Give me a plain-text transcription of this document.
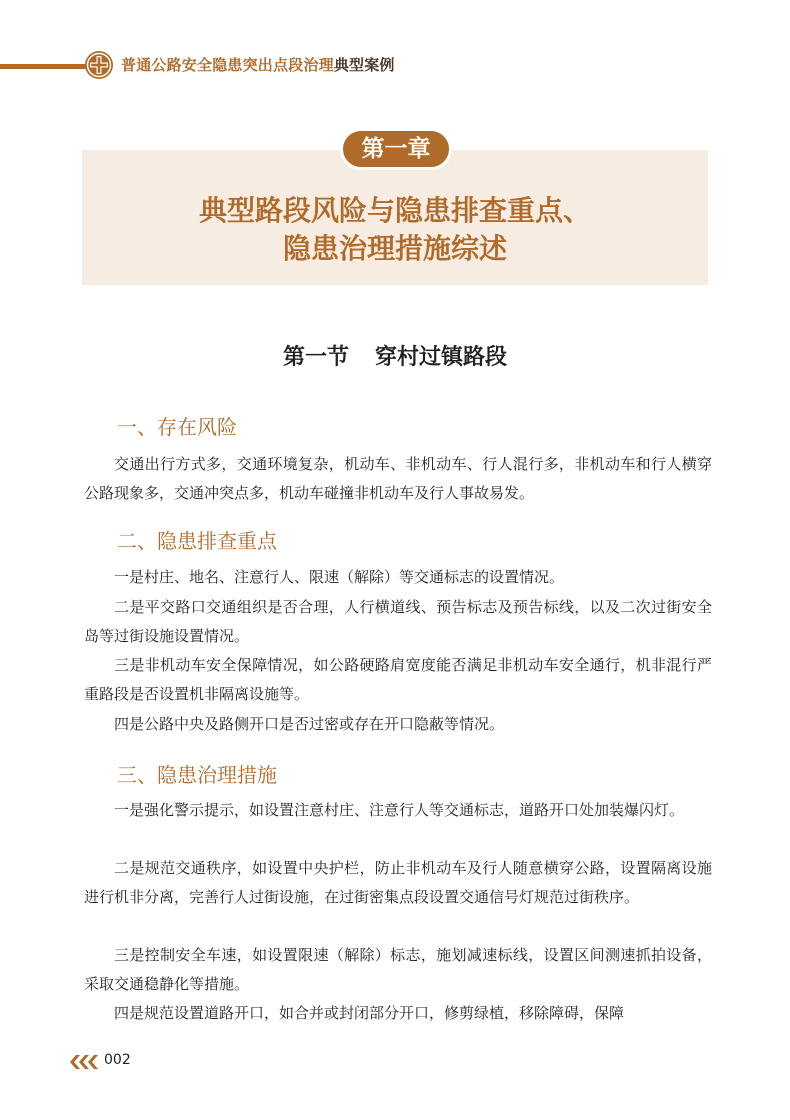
普通公路安全隐患突出点段治理典型案例
第一章
典型路段风险与隐患排查重点、
隐患治理措施综述
第一节 穿村过镇路段
一、存在风险
交通出行方式多，交通环境复杂，机动车、非机动车、行人混行多，非机动车和行人横穿公路现象多，交通冲突点多，机动车碰撞非机动车及行人事故易发。
二、隐患排查重点
一是村庄、地名、注意行人、限速（解除）等交通标志的设置情况。
二是平交路口交通组织是否合理，人行横道线、预告标志及预告标线，以及二次过街安全岛等过街设施设置情况。
三是非机动车安全保障情况，如公路硬路肩宽度能否满足非机动车安全通行，机非混行严重路段是否设置机非隔离设施等。
四是公路中央及路侧开口是否过密或存在开口隐蔽等情况。
三、隐患治理措施
一是强化警示提示，如设置注意村庄、注意行人等交通标志，道路开口处加装爆闪灯。
二是规范交通秩序，如设置中央护栏，防止非机动车及行人随意横穿公路，设置隔离设施进行机非分离，完善行人过街设施，在过街密集点段设置交通信号灯规范过街秩序。
三是控制安全车速，如设置限速（解除）标志，施划减速标线，设置区间测速抓拍设备，采取交通稳静化等措施。
四是规范设置道路开口，如合并或封闭部分开口，修剪绿植，移除障碍，保障
002
